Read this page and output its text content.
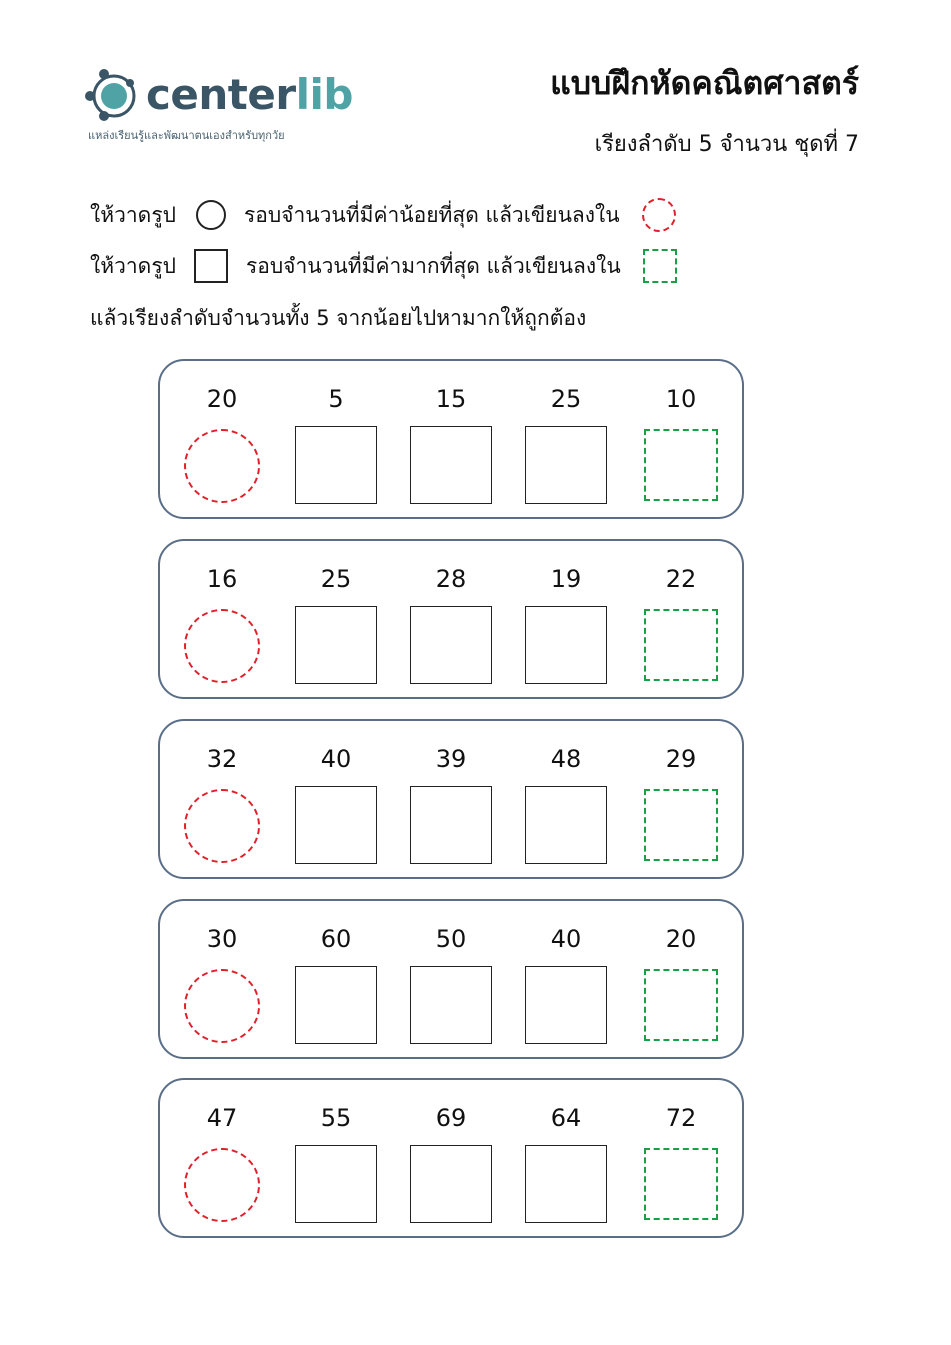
centerlib
แหล่งเรียนรู้และพัฒนาตนเองสำหรับทุกวัย
แบบฝึกหัดคณิตศาสตร์
เรียงลำดับ 5 จำนวน ชุดที่ 7
ให้วาดรูป	รอบจำนวนที่มีค่าน้อยที่สุด แล้วเขียนลงใน
ให้วาดรูป	รอบจำนวนที่มีค่ามากที่สุด แล้วเขียนลงใน
แล้วเรียงลำดับจำนวนทั้ง 5 จากน้อยไปหามากให้ถูกต้อง
20	5	15	25	10
16	25	28	19	22
32	40	39	48	29
30	60	50	40	20
47	55	69	64	72
